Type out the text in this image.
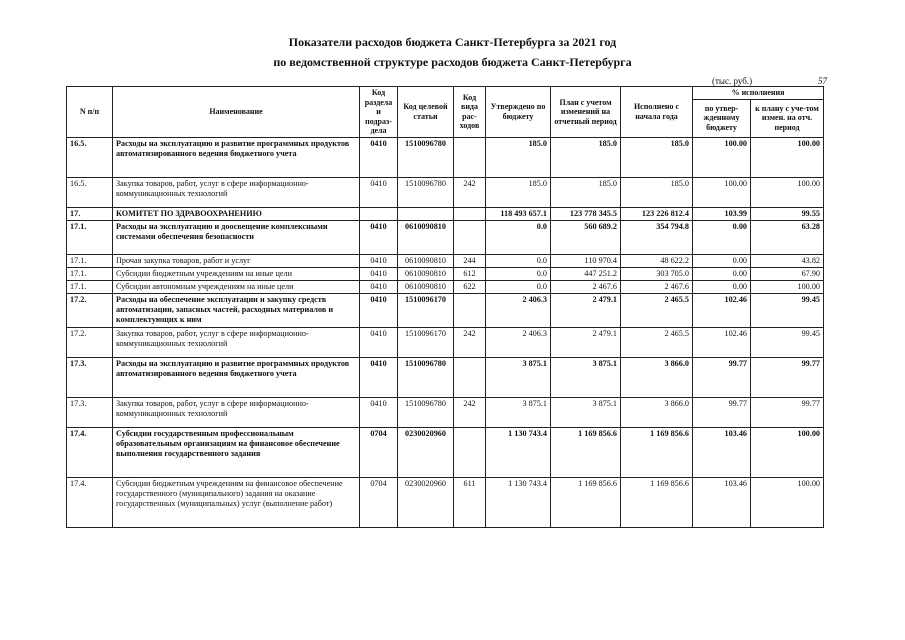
Показатели расходов бюджета Санкт-Петербурга за 2021 год
по ведомственной структуре расходов бюджета Санкт-Петербурга
(тыс. руб.)	57
N п/п	Наименование	Код раздела и подраз-дела	Код целевой статьи	Код вида рас-ходов	Утверждено по бюджету	План с учетом изменений на отчетный период	Исполнено с начала года	% исполнения	
								по утвер-жденному бюджету	к плану с уче-том измен. на отч. период
16.5.	Расходы на эксплуатацию и развитие программных продуктов автоматизированного ведения бюджетного учета	0410	1510096780		185.0	185.0	185.0	100.00	100.00
16.5.	Закупка товаров, работ, услуг в сфере информационно-коммуникационных технологий	0410	1510096780	242	185.0	185.0	185.0	100.00	100.00
17.	КОМИТЕТ ПО ЗДРАВООХРАНЕНИЮ				118 493 657.1	123 778 345.5	123 226 812.4	103.99	99.55
17.1.	Расходы на эксплуатацию и доосвещение комплексными системами обеспечения безопасности	0410	0610090810		0.0	560 689.2	354 794.8	0.00	63.28
17.1.	Прочая закупка товаров, работ и услуг	0410	0610090810	244	0.0	110 970.4	48 622.2	0.00	43.82
17.1.	Субсидии бюджетным учреждениям на иные цели	0410	0610090810	612	0.0	447 251.2	303 705.0	0.00	67.90
17.1.	Субсидии автономным учреждениям на иные цели	0410	0610090810	622	0.0	2 467.6	2 467.6	0.00	100.00
17.2.	Расходы на обеспечение эксплуатации и закупку средств автоматизации, запасных частей, расходных материалов и комплектующих к ним	0410	1510096170		2 406.3	2 479.1	2 465.5	102.46	99.45
17.2.	Закупка товаров, работ, услуг в сфере информационно-коммуникационных технологий	0410	1510096170	242	2 406.3	2 479.1	2 465.5	102.46	99.45
17.3.	Расходы на эксплуатацию и развитие программных продуктов автоматизированного ведения бюджетного учета	0410	1510096780		3 875.1	3 875.1	3 866.0	99.77	99.77
17.3.	Закупка товаров, работ, услуг в сфере информационно-коммуникационных технологий	0410	1510096780	242	3 875.1	3 875.1	3 866.0	99.77	99.77
17.4.	Субсидии государственным профессиональным образовательным организациям на финансовое обеспечение выполнения государственного задания	0704	0230020960		1 130 743.4	1 169 856.6	1 169 856.6	103.46	100.00
17.4.	Субсидии бюджетным учреждениям на финансовое обеспечение государственного (муниципального) задания на оказание государственных (муниципальных) услуг (выполнение работ)	0704	0230020960	611	1 130 743.4	1 169 856.6	1 169 856.6	103.46	100.00
